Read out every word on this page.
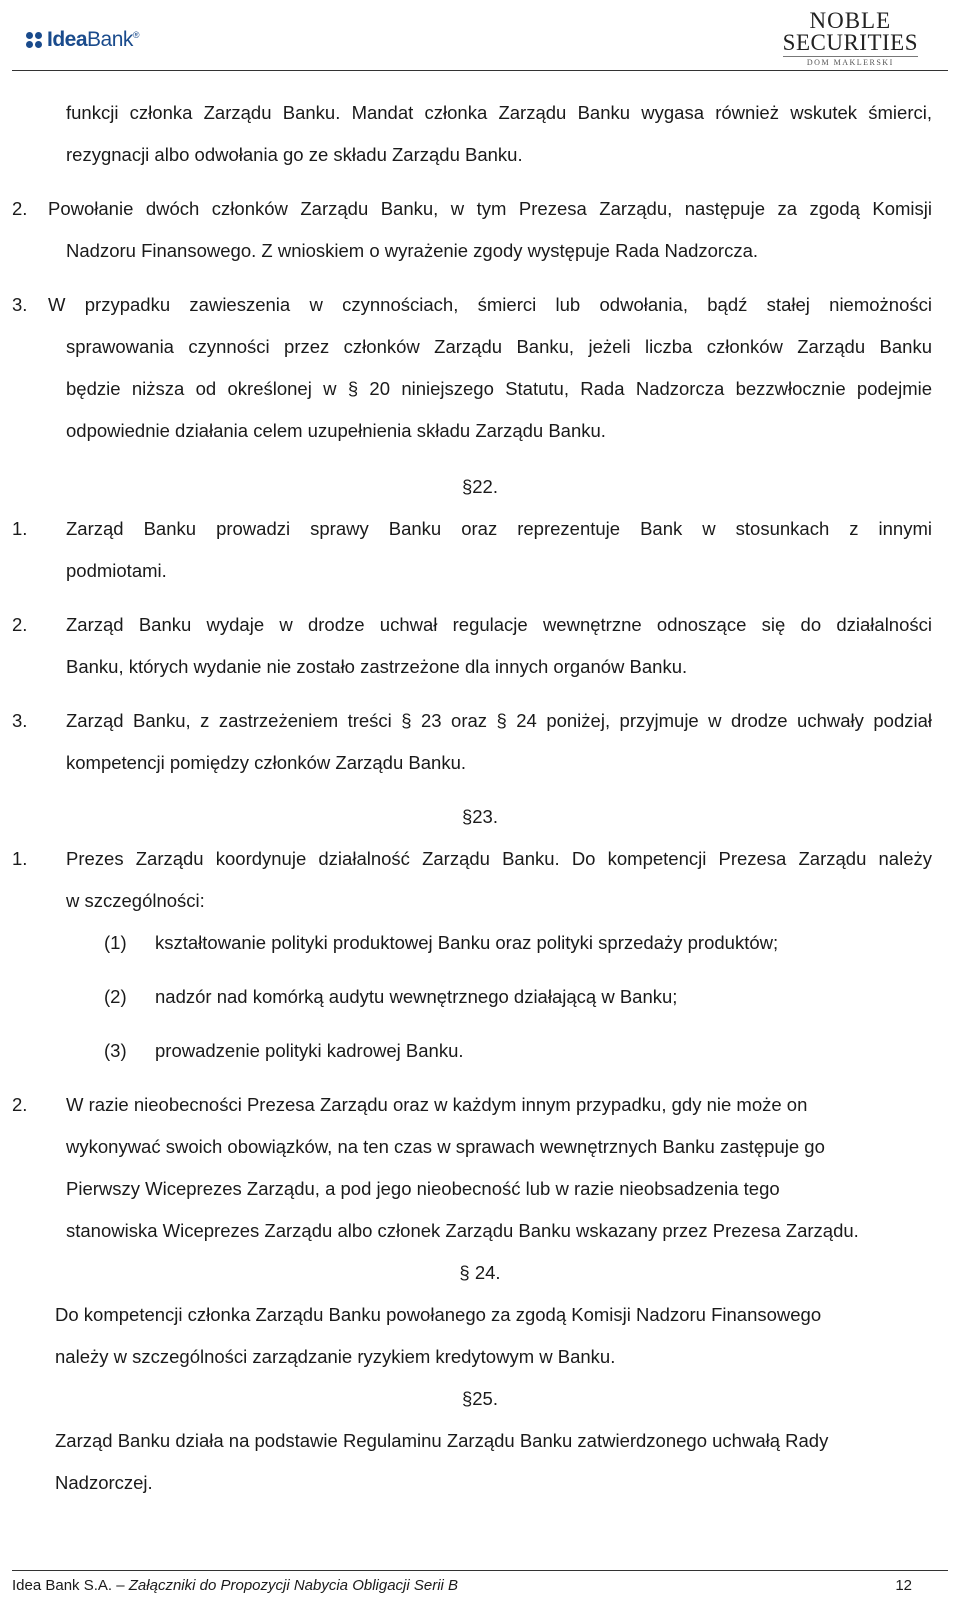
IdeaBank®
NOBLE
SECURITIES
DOM MAKLERSKI
funkcji członka Zarządu Banku. Mandat członka Zarządu Banku wygasa również wskutek śmierci,
rezygnacji albo odwołania go ze składu Zarządu Banku.
2. Powołanie dwóch członków Zarządu Banku, w tym Prezesa Zarządu, następuje za zgodą Komisji
Nadzoru Finansowego. Z wnioskiem o wyrażenie zgody występuje Rada Nadzorcza.
3. W przypadku zawieszenia w czynnościach, śmierci lub odwołania, bądź stałej niemożności
sprawowania czynności przez członków Zarządu Banku, jeżeli liczba członków Zarządu Banku
będzie niższa od określonej w § 20 niniejszego Statutu, Rada Nadzorcza bezzwłocznie podejmie
odpowiednie działania celem uzupełnienia składu Zarządu Banku.
§22.
1. Zarząd Banku prowadzi sprawy Banku oraz reprezentuje Bank w stosunkach z innymi
podmiotami.
2. Zarząd Banku wydaje w drodze uchwał regulacje wewnętrzne odnoszące się do działalności
Banku, których wydanie nie zostało zastrzeżone dla innych organów Banku.
3. Zarząd Banku, z zastrzeżeniem treści § 23 oraz § 24 poniżej, przyjmuje w drodze uchwały podział
kompetencji pomiędzy członków Zarządu Banku.
§23.
1. Prezes Zarządu koordynuje działalność Zarządu Banku. Do kompetencji Prezesa Zarządu należy
w szczególności:
(1) kształtowanie polityki produktowej Banku oraz polityki sprzedaży produktów;
(2) nadzór nad komórką audytu wewnętrznego działającą w Banku;
(3) prowadzenie polityki kadrowej Banku.
2. W razie nieobecności Prezesa Zarządu oraz w każdym innym przypadku, gdy nie może on
wykonywać swoich obowiązków, na ten czas w sprawach wewnętrznych Banku zastępuje go
Pierwszy Wiceprezes Zarządu, a pod jego nieobecność lub w razie nieobsadzenia tego
stanowiska Wiceprezes Zarządu albo członek Zarządu Banku wskazany przez Prezesa Zarządu.
§ 24.
Do kompetencji członka Zarządu Banku powołanego za zgodą Komisji Nadzoru Finansowego
należy w szczególności zarządzanie ryzykiem kredytowym w Banku.
§25.
Zarząd Banku działa na podstawie Regulaminu Zarządu Banku zatwierdzonego uchwałą Rady
Nadzorczej.
Idea Bank S.A. – Załączniki do Propozycji Nabycia Obligacji Serii B	12
